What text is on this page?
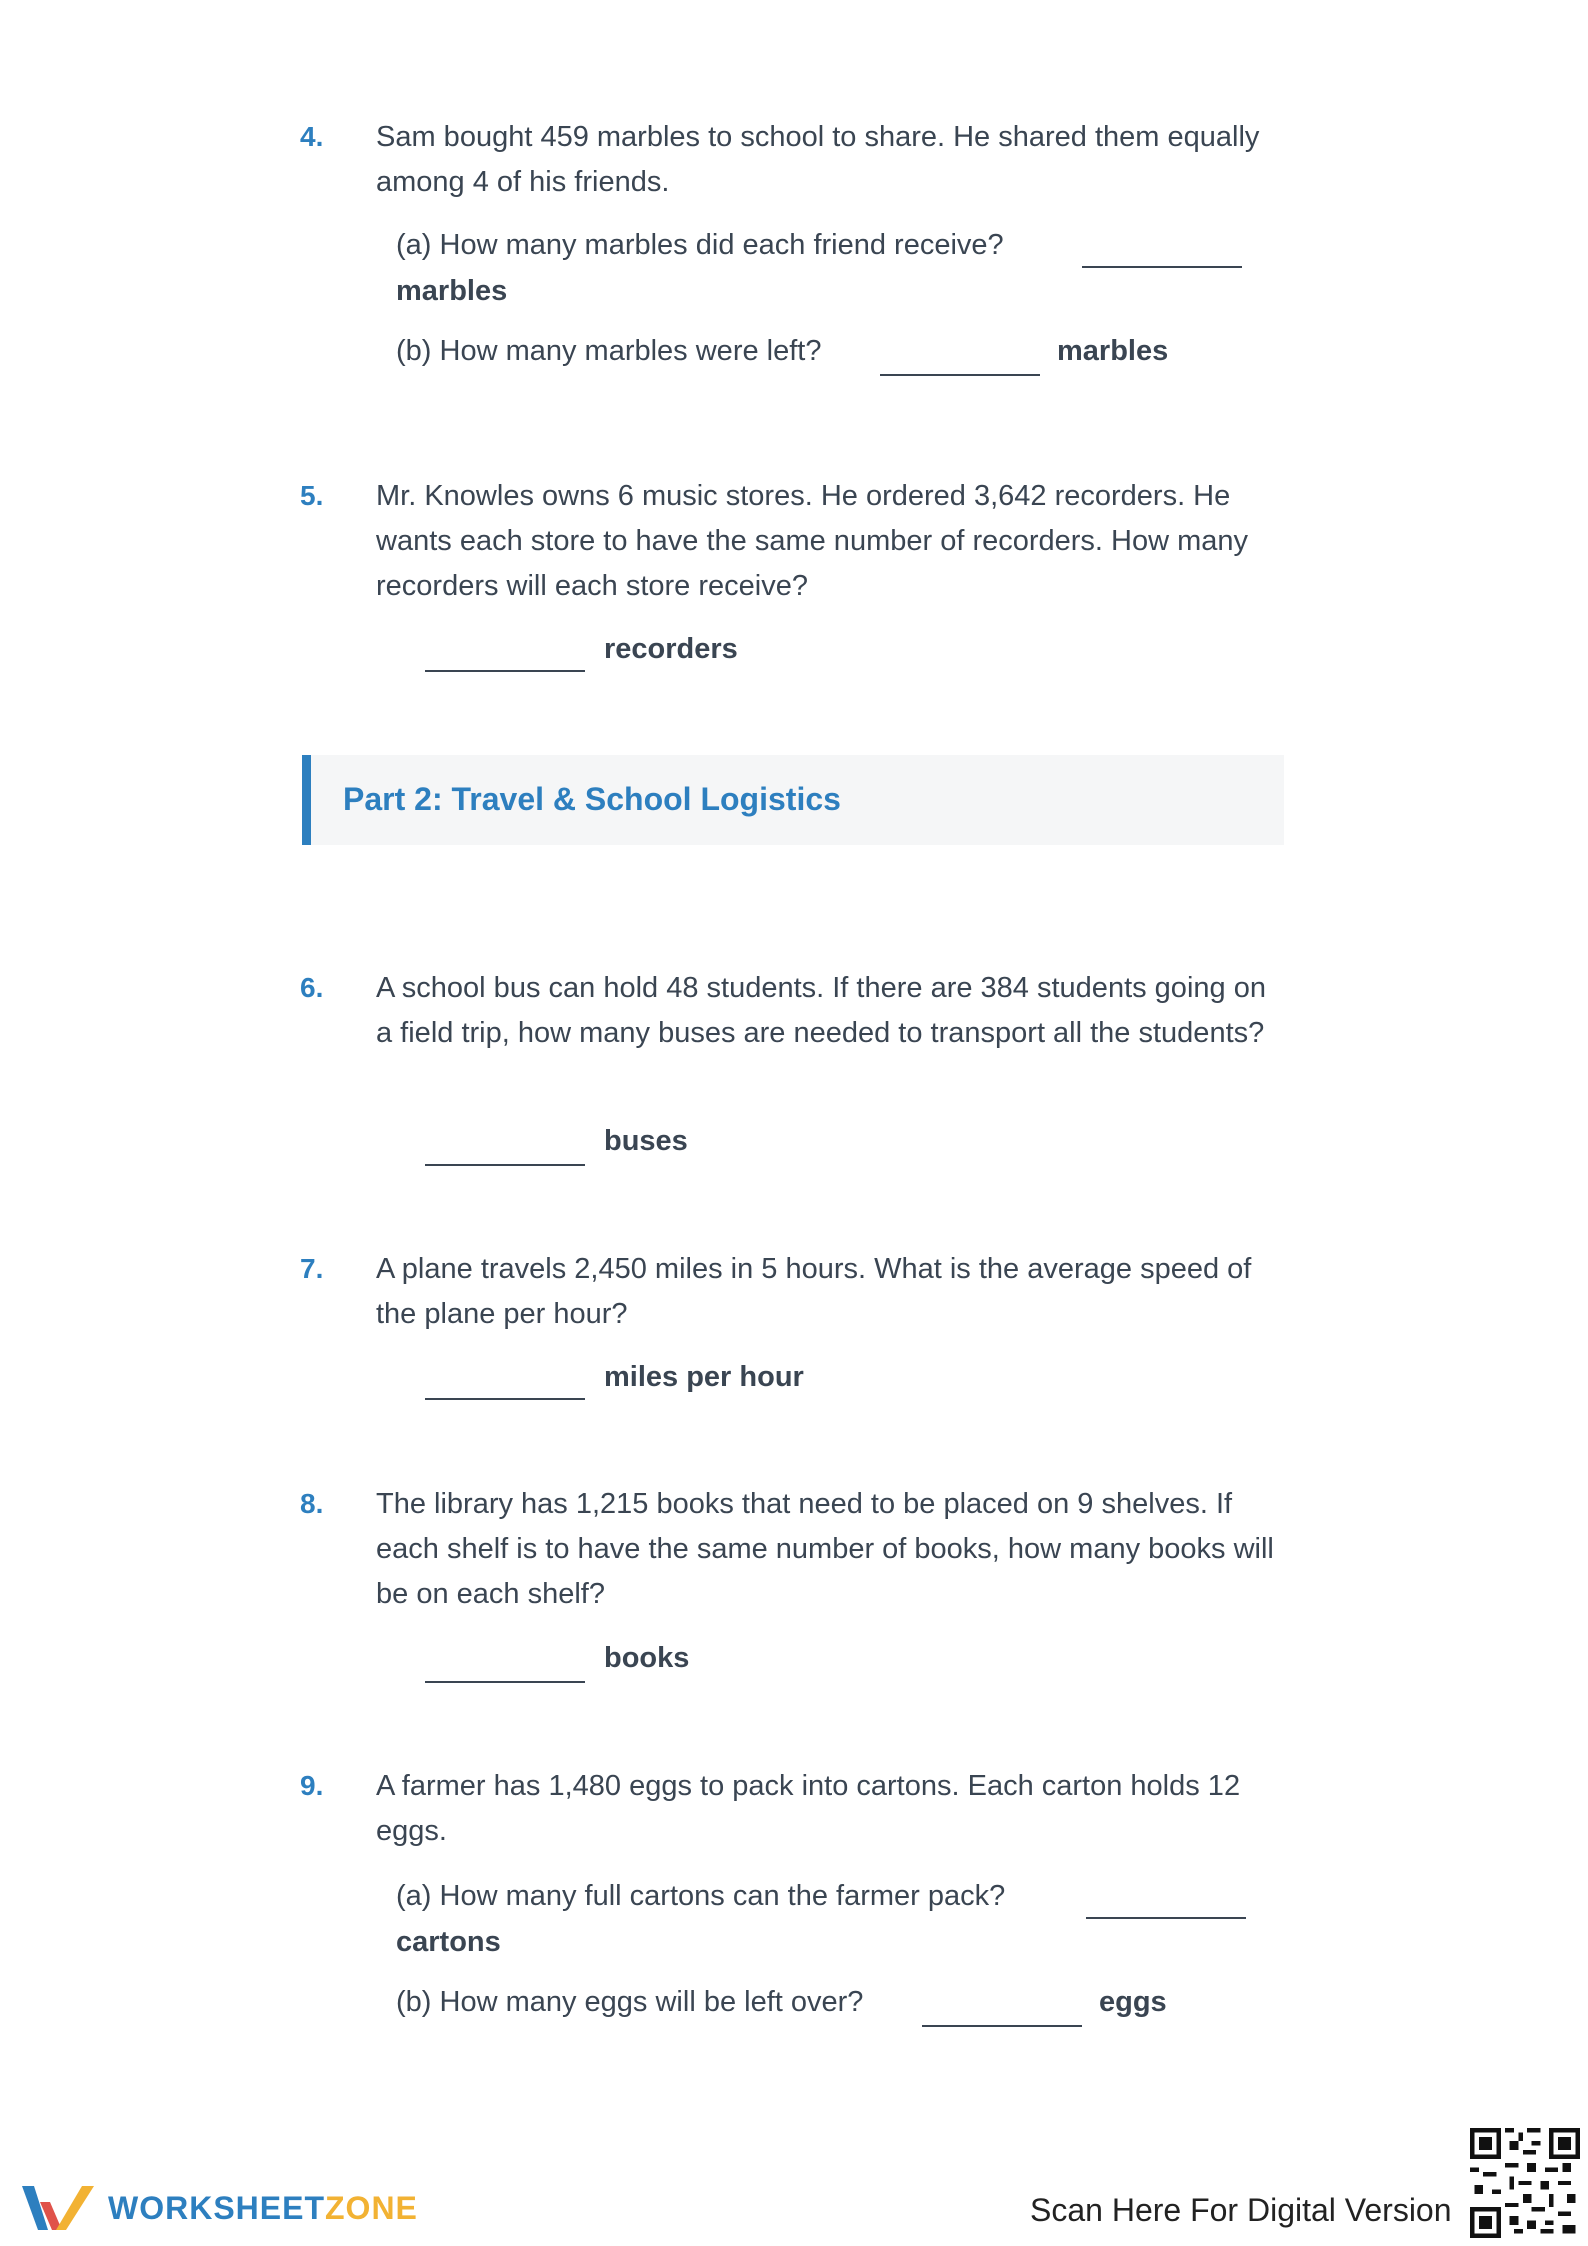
4. Sam bought 459 marbles to school to share. He shared them equally among 4 of his friends.
(a) How many marbles did each friend receive?
marbles
(b) How many marbles were left?	marbles
5. Mr. Knowles owns 6 music stores. He ordered 3,642 recorders. He wants each store to have the same number of recorders. How many recorders will each store receive?
recorders
Part 2: Travel & School Logistics
6. A school bus can hold 48 students. If there are 384 students going on a field trip, how many buses are needed to transport all the students?
buses
7. A plane travels 2,450 miles in 5 hours. What is the average speed of the plane per hour?
miles per hour
8. The library has 1,215 books that need to be placed on 9 shelves. If each shelf is to have the same number of books, how many books will be on each shelf?
books
9. A farmer has 1,480 eggs to pack into cartons. Each carton holds 12 eggs.
(a) How many full cartons can the farmer pack?
cartons
(b) How many eggs will be left over?	eggs
WORKSHEETZONE	Scan Here For Digital Version
